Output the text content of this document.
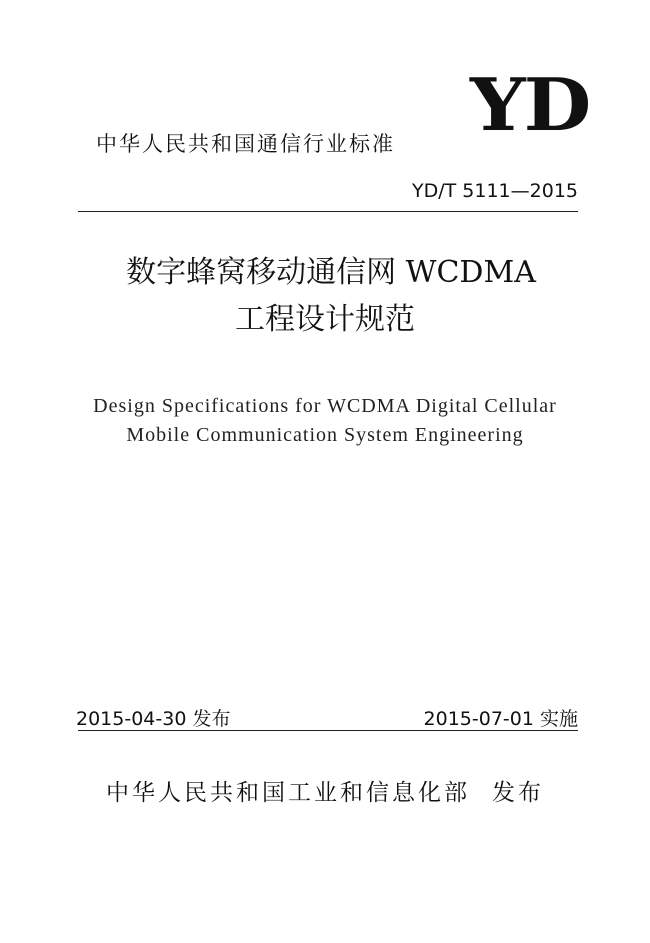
中华人民共和国通信行业标准 YD
YD/T 5111—2015
数字蜂窝移动通信网 WCDMA
工程设计规范
Design Specifications for WCDMA Digital Cellular
Mobile Communication System Engineering
2015-04-30 发布	2015-07-01 实施
中华人民共和国工业和信息化部 发布
